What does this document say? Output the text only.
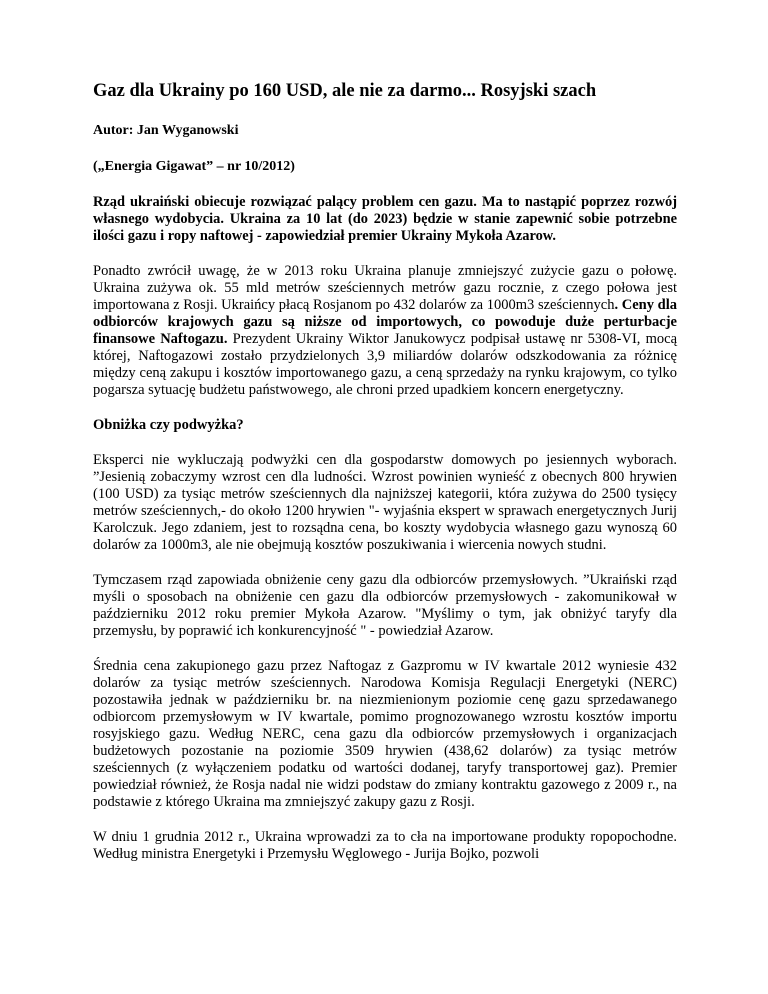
Gaz dla Ukrainy po 160 USD, ale nie za darmo... Rosyjski szach

Autor: Jan Wyganowski

(„Energia Gigawat” – nr 10/2012)

Rząd ukraiński obiecuje rozwiązać palący problem cen gazu. Ma to nastąpić poprzez rozwój własnego wydobycia. Ukraina za 10 lat (do 2023) będzie w stanie zapewnić sobie potrzebne ilości gazu i ropy naftowej - zapowiedział premier Ukrainy Mykoła Azarow.

Ponadto zwrócił uwagę, że w 2013 roku Ukraina planuje zmniejszyć zużycie gazu o połowę. Ukraina zużywa ok. 55 mld metrów sześciennych metrów gazu rocznie, z czego połowa jest importowana z Rosji. Ukraińcy płacą Rosjanom po 432 dolarów za 1000m3 sześciennych. Ceny dla odbiorców krajowych gazu są niższe od importowych, co powoduje duże perturbacje finansowe Naftogazu. Prezydent Ukrainy Wiktor Janukowycz podpisał ustawę nr 5308-VI, mocą której, Naftogazowi zostało przydzielonych 3,9 miliardów dolarów odszkodowania za różnicę między ceną zakupu i kosztów importowanego gazu, a ceną sprzedaży na rynku krajowym, co tylko pogarsza sytuację budżetu państwowego, ale chroni przed upadkiem koncern energetyczny.

Obniżka czy podwyżka?

Eksperci nie wykluczają podwyżki cen dla gospodarstw domowych po jesiennych wyborach. ”Jesienią zobaczymy wzrost cen dla ludności. Wzrost powinien wynieść z obecnych 800 hrywien (100 USD) za tysiąc metrów sześciennych dla najniższej kategorii, która zużywa do 2500 tysięcy metrów sześciennych,- do około 1200 hrywien "- wyjaśnia ekspert w sprawach energetycznych Jurij Karolczuk. Jego zdaniem, jest to rozsądna cena, bo koszty wydobycia własnego gazu wynoszą 60 dolarów za 1000m3, ale nie obejmują kosztów poszukiwania i wiercenia nowych studni.

Tymczasem rząd zapowiada obniżenie ceny gazu dla odbiorców przemysłowych. ”Ukraiński rząd myśli o sposobach na obniżenie cen gazu dla odbiorców przemysłowych - zakomunikował w październiku 2012 roku premier Mykoła Azarow. "Myślimy o tym, jak obniżyć taryfy dla przemysłu, by poprawić ich konkurencyjność " - powiedział Azarow.

Średnia cena zakupionego gazu przez Naftogaz z Gazpromu w IV kwartale 2012 wyniesie 432 dolarów za tysiąc metrów sześciennych. Narodowa Komisja Regulacji Energetyki (NERC) pozostawiła jednak w październiku br. na niezmienionym poziomie cenę gazu sprzedawanego odbiorcom przemysłowym w IV kwartale, pomimo prognozowanego wzrostu kosztów importu rosyjskiego gazu. Według NERC, cena gazu dla odbiorców przemysłowych i organizacjach budżetowych pozostanie na poziomie 3509 hrywien (438,62 dolarów) za tysiąc metrów sześciennych (z wyłączeniem podatku od wartości dodanej, taryfy transportowej gaz). Premier powiedział również, że Rosja nadal nie widzi podstaw do zmiany kontraktu gazowego z 2009 r., na podstawie z którego Ukraina ma zmniejszyć zakupy gazu z Rosji.

W dniu 1 grudnia 2012 r., Ukraina wprowadzi za to cła na importowane produkty ropopochodne. Według ministra Energetyki i Przemysłu Węglowego - Jurija Bojko, pozwoli
